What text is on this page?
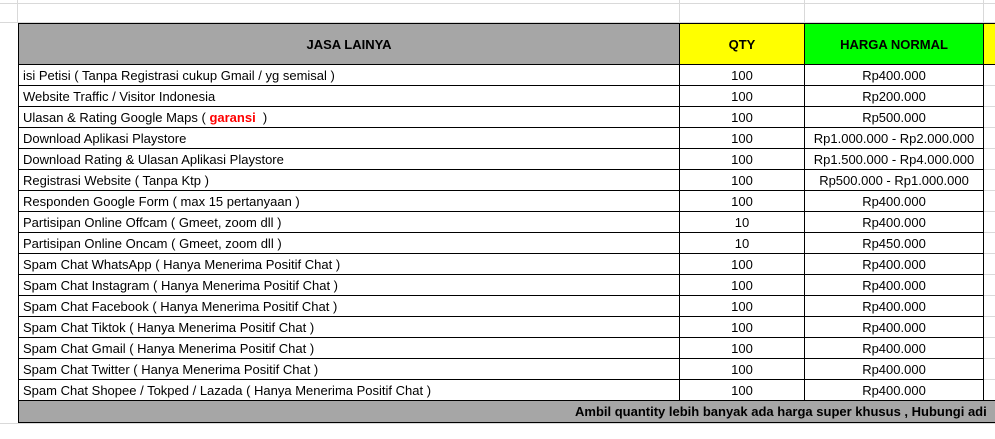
JASA LAINYA	QTY	HARGA NORMAL
isi Petisi ( Tanpa Registrasi cukup Gmail / yg semisal )	100	Rp400.000
Website Traffic / Visitor Indonesia	100	Rp200.000
Ulasan & Rating Google Maps ( garansi )	100	Rp500.000
Download Aplikasi Playstore	100	Rp1.000.000 - Rp2.000.000
Download Rating & Ulasan Aplikasi Playstore	100	Rp1.500.000 - Rp4.000.000
Registrasi Website ( Tanpa Ktp )	100	Rp500.000 - Rp1.000.000
Responden Google Form ( max 15 pertanyaan )	100	Rp400.000
Partisipan Online Offcam ( Gmeet, zoom dll )	10	Rp400.000
Partisipan Online Oncam ( Gmeet, zoom dll )	10	Rp450.000
Spam Chat WhatsApp ( Hanya Menerima Positif Chat )	100	Rp400.000
Spam Chat Instagram ( Hanya Menerima Positif Chat )	100	Rp400.000
Spam Chat Facebook ( Hanya Menerima Positif Chat )	100	Rp400.000
Spam Chat Tiktok ( Hanya Menerima Positif Chat )	100	Rp400.000
Spam Chat Gmail ( Hanya Menerima Positif Chat )	100	Rp400.000
Spam Chat Twitter ( Hanya Menerima Positif Chat )	100	Rp400.000
Spam Chat Shopee / Tokped / Lazada ( Hanya Menerima Positif Chat )	100	Rp400.000
Ambil quantity lebih banyak ada harga super khusus , Hubungi adi
